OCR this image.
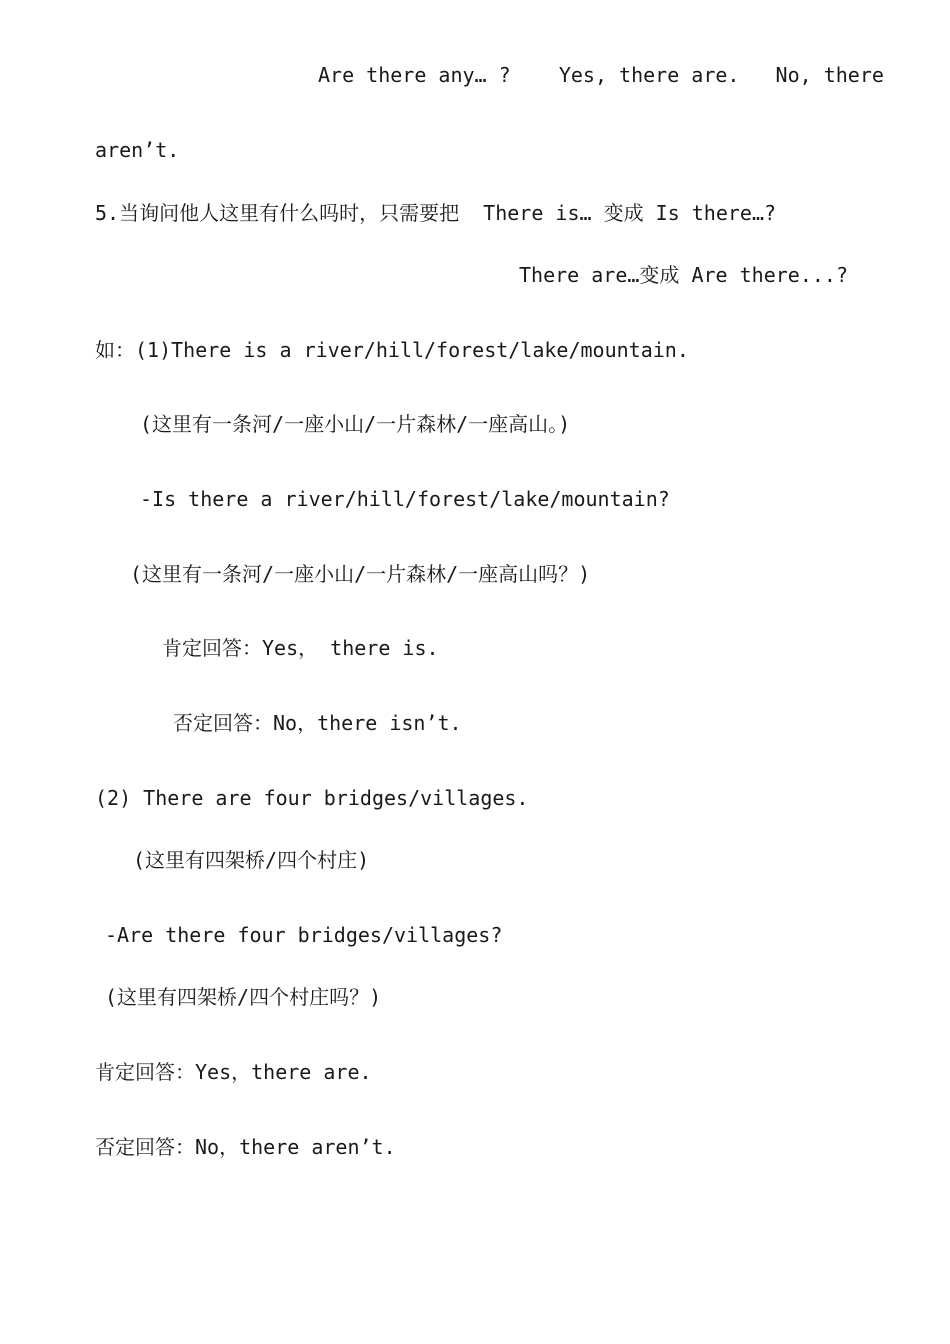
Are there any… ?    Yes, there are.   No, there
aren’t.
5.当询问他人这里有什么吗时，只需要把  There is… 变成 Is there…?
There are…变成 Are there...?
如：(1)There is a river/hill/forest/lake/mountain.
(这里有一条河/一座小山/一片森林/一座高山。)
-Is there a river/hill/forest/lake/mountain?
(这里有一条河/一座小山/一片森林/一座高山吗？)
肯定回答：Yes， there is.
否定回答：No，there isn’t.
(2) There are four bridges/villages.
(这里有四架桥/四个村庄)
-Are there four bridges/villages?
(这里有四架桥/四个村庄吗？)
肯定回答：Yes，there are.
否定回答：No，there aren’t.
